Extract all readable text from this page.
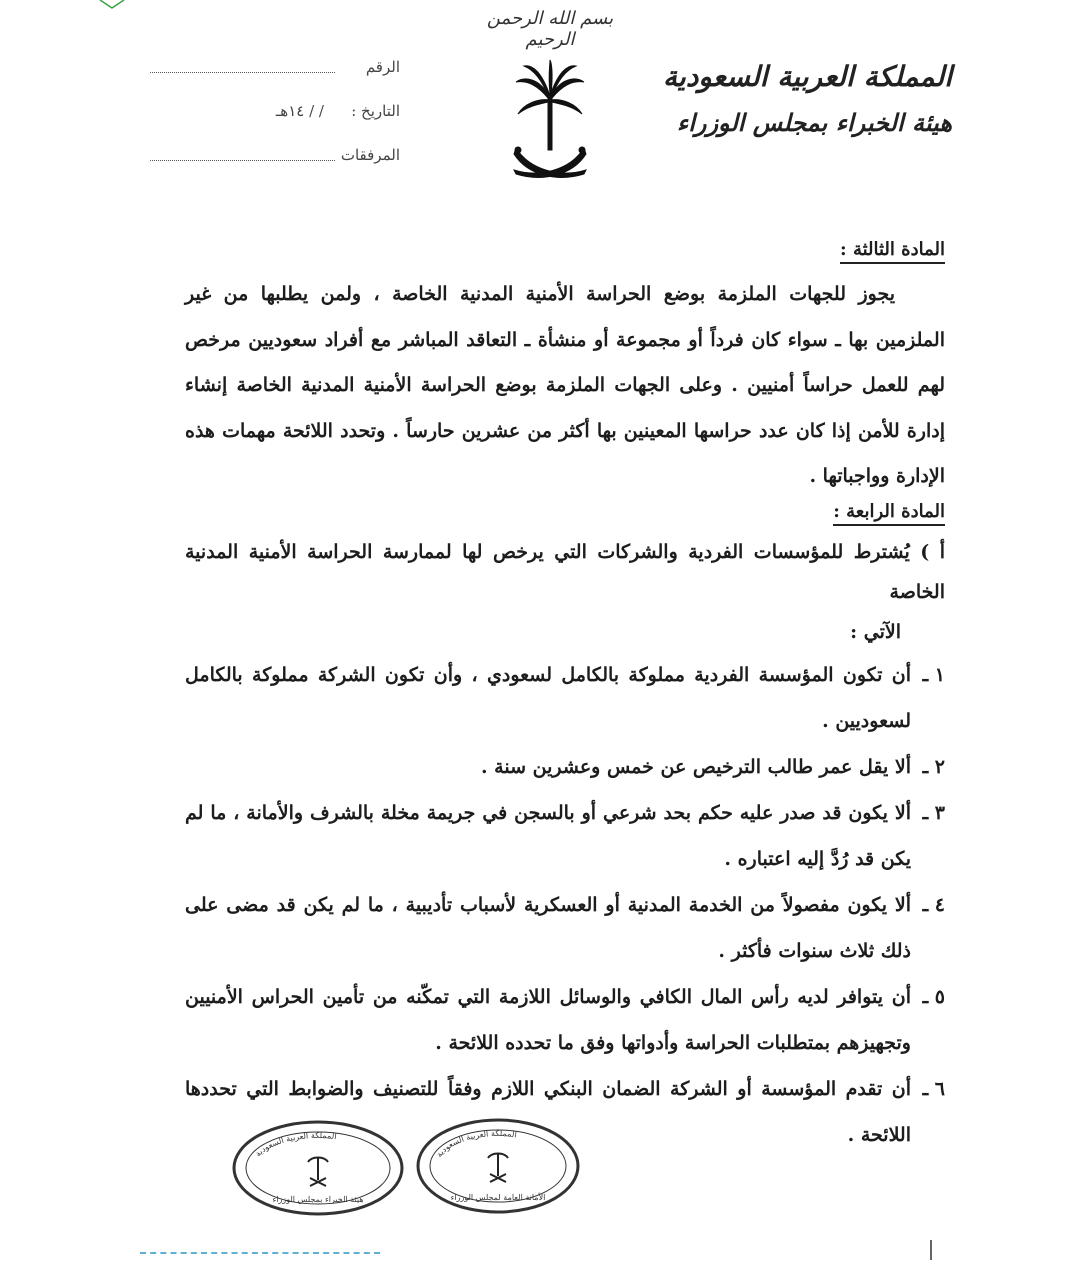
بسم الله الرحمن الرحيم
المملكة العربية السعودية
هيئة الخبراء بمجلس الوزراء
الرقم
التاريخ :
/ / ١٤هـ
المرفقات
المادة الثالثة :

يجوز للجهات الملزمة بوضع الحراسة الأمنية المدنية الخاصة ، ولمن يطلبها من غير الملزمين بها ـ سواء كان فرداً أو مجموعة أو منشأة ـ التعاقد المباشر مع أفراد سعوديين مرخص لهم للعمل حراساً أمنيين . وعلى الجهات الملزمة بوضع الحراسة الأمنية المدنية الخاصة إنشاء إدارة للأمن إذا كان عدد حراسها المعينين بها أكثر من عشرين حارساً . وتحدد اللائحة مهمات هذه الإدارة وواجباتها .

المادة الرابعة :
أ ) يُشترط للمؤسسات الفردية والشركات التي يرخص لها لممارسة الحراسة الأمنية المدنية الخاصة
الآتي :
١ ـ
أن تكون المؤسسة الفردية مملوكة بالكامل لسعودي ، وأن تكون الشركة مملوكة بالكامل لسعوديين .
٢ ـ
ألا يقل عمر طالب الترخيص عن خمس وعشرين سنة .
٣ ـ
ألا يكون قد صدر عليه حكم بحد شرعي أو بالسجن في جريمة مخلة بالشرف والأمانة ، ما لم يكن قد رُدَّ إليه اعتباره .
٤ ـ
ألا يكون مفصولاً من الخدمة المدنية أو العسكرية لأسباب تأديبية ، ما لم يكن قد مضى على ذلك ثلاث سنوات فأكثر .
٥ ـ
أن يتوافر لديه رأس المال الكافي والوسائل اللازمة التي تمكّنه من تأمين الحراس الأمنيين وتجهيزهم بمتطلبات الحراسة وأدواتها وفق ما تحدده اللائحة .
٦ ـ
أن تقدم المؤسسة أو الشركة الضمان البنكي اللازم وفقاً للتصنيف والضوابط التي تحددها اللائحة .
المملكة العربية السعودية
هيئة الخبراء بمجلس الوزراء
المملكة العربية السعودية
الأمانة العامة لمجلس الوزراء
